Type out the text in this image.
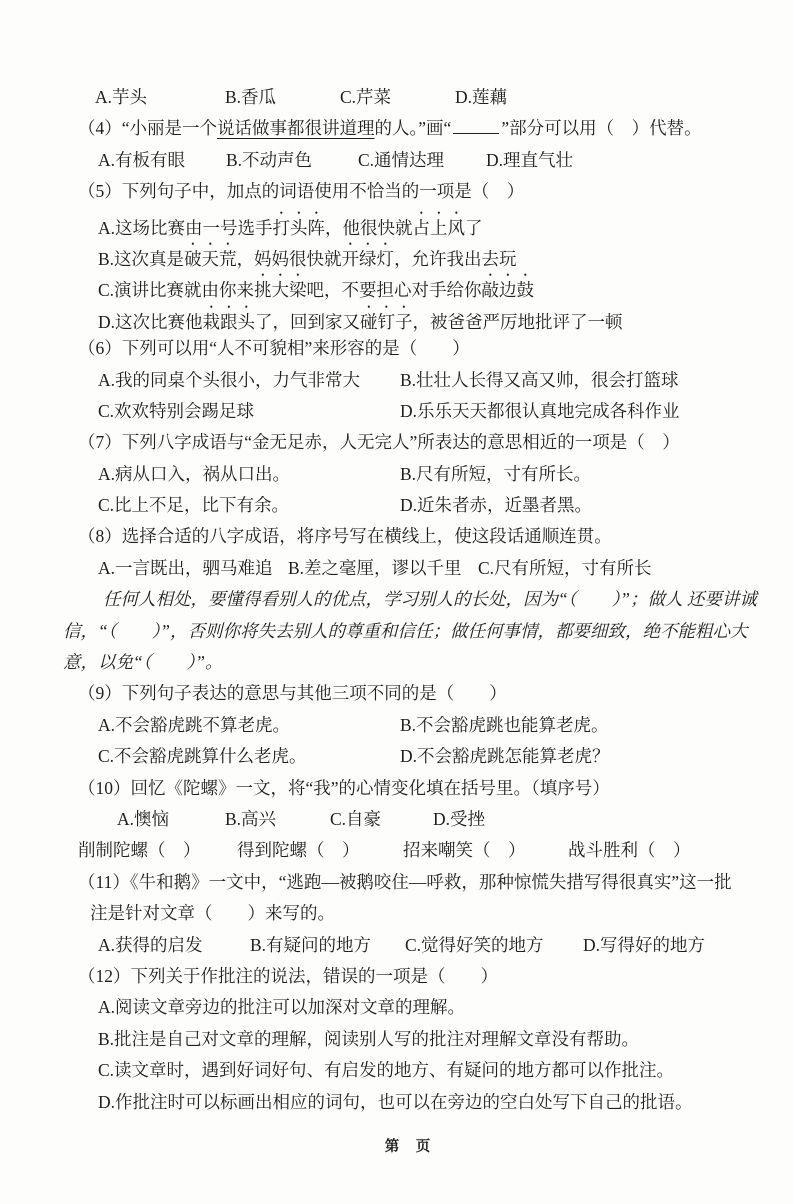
A.芋头	B.香瓜	C.芹菜	D.莲藕
（4）“小丽是一个说话做事都很讲道理的人。”画“	”部分可以用（　）代替。
A.有板有眼 B.不动声色	C.通情达理 D.理直气壮
（5）下列句子中，加点的词语使用不恰当的一项是（　）
A.这场比赛由一号选手打头阵，他很快就占上风了
B.这次真是破天荒，妈妈很快就开绿灯，允许我出去玩
C.演讲比赛就由你来挑大梁吧，不要担心对手给你敲边鼓
D.这次比赛他栽跟头了，回到家又碰钉子，被爸爸严厉地批评了一顿
（6）下列可以用“人不可貌相”来形容的是（　　）
A.我的同桌个头很小，力气非常大 B.壮壮人长得又高又帅，很会打篮球
C.欢欢特别会踢足球	D.乐乐天天都很认真地完成各科作业
（7）下列八字成语与“金无足赤，人无完人”所表达的意思相近的一项是（　）
A.病从口入，祸从口出。	B.尺有所短，寸有所长。
C.比上不足，比下有余。	D.近朱者赤，近墨者黑。
（8）选择合适的八字成语，将序号写在横线上，使这段话通顺连贯。
A.一言既出，驷马难追 B.差之毫厘，谬以千里 C.尺有所短，寸有所长
任何人相处，要懂得看别人的优点，学习别人的长处，因为“（　　）”；做人 还要讲诚
信，“（　　）”，否则你将失去别人的尊重和信任；做任何事情，都要细致，绝不能粗心大
意，以免“（　　）”。
（9）下列句子表达的意思与其他三项不同的是（　　）
A.不会豁虎跳不算老虎。	B.不会豁虎跳也能算老虎。
C.不会豁虎跳算什么老虎。	D.不会豁虎跳怎能算老虎？
（10）回忆《陀螺》一文，将“我”的心情变化填在括号里。（填序号）
A.懊恼	B.高兴	C.自豪	D.受挫
削制陀螺（　） 得到陀螺（　） 招来嘲笑（　） 战斗胜利（　）
（11）《牛和鹅》一文中，“逃跑—被鹅咬住—呼救，那种惊慌失措写得很真实”这一批
注是针对文章（　　）来写的。
A.获得的启发	B.有疑问的地方 C.觉得好笑的地方 D.写得好的地方
（12）下列关于作批注的说法，错误的一项是（　　）
A.阅读文章旁边的批注可以加深对文章的理解。
B.批注是自己对文章的理解，阅读别人写的批注对理解文章没有帮助。
C.读文章时，遇到好词好句、有启发的地方、有疑问的地方都可以作批注。
D.作批注时可以标画出相应的词句，也可以在旁边的空白处写下自己的批语。
第　页
